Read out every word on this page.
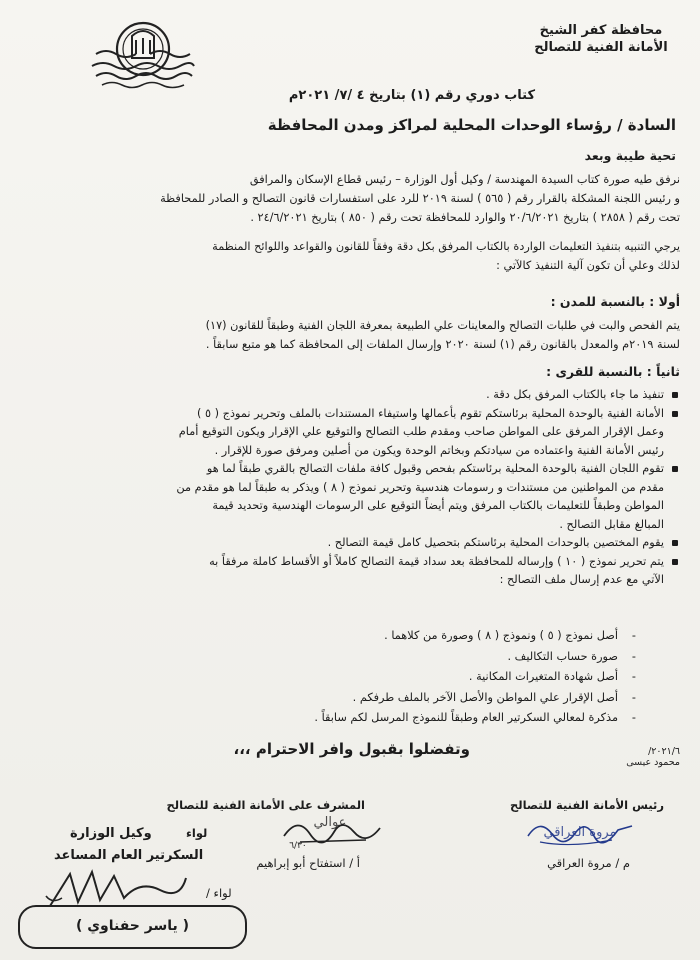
محافظة كفر الشيخ
الأمانة الفنية للتصالح
كتاب دوري رقم (١) بتاريخ ٤ /٧/ ٢٠٢١م
السادة / رؤساء الوحدات المحلية لمراكز ومدن المحافظة
تحية طيبة وبعد
نرفق طيه صورة كتاب السيدة المهندسة / وكيل أول الوزارة – رئيس قطاع الإسكان والمرافق
و رئيس اللجنة المشكلة بالقرار رقم ( ٥٦٥ ) لسنة ٢٠١٩ للرد على استفسارات قانون التصالح و الصادر للمحافظة
تحت رقم ( ٢٨٥٨ ) بتاريخ ٢٠/٦/٢٠٢١ والوارد للمحافظة تحت رقم ( ٨٥٠ ) بتاريخ ٢٤/٦/٢٠٢١ .
يرجي التنبيه بتنفيذ التعليمات الواردة بالكتاب المرفق بكل دقة وفقاً للقانون والقواعد واللوائح المنظمة
لذلك وعلي أن تكون آلية التنفيذ كالآتي :
أولا : بالنسبة للمدن :
يتم الفحص والبت في طلبات التصالح والمعاينات علي الطبيعة بمعرفة اللجان الفنية وطبقاً للقانون (١٧)
لسنة ٢٠١٩م والمعدل بالقانون رقم (١) لسنة ٢٠٢٠ وإرسال الملفات إلى المحافظة كما هو متبع سابقاً .
ثانياً : بالنسبة للقرى :
تنفيذ ما جاء بالكتاب المرفق بكل دقة .
الأمانة الفنية بالوحدة المحلية برئاستكم تقوم بأعمالها واستيفاء المستندات بالملف وتحرير نموذج ( ٥ )
وعمل الإقرار المرفق على المواطن صاحب ومقدم طلب التصالح والتوقيع علي الإقرار ويكون التوقيع أمام
رئيس الأمانة الفنية واعتماده من سيادتكم وبخاتم الوحدة ويكون من أصلين ومرفق صورة للإقرار .
تقوم اللجان الفنية بالوحدة المحلية برئاستكم بفحص وقبول كافة ملفات التصالح بالقري طبقاً لما هو
مقدم من المواطنين من مستندات و رسومات هندسية وتحرير نموذج ( ٨ ) ويذكر به طبقاً لما هو مقدم من
المواطن وطبقاً للتعليمات بالكتاب المرفق ويتم أيضاً التوقيع على الرسومات الهندسية وتحديد قيمة
المبالغ مقابل التصالح .
يقوم المختصين بالوحدات المحلية برئاستكم بتحصيل كامل قيمة التصالح .
يتم تحرير نموذج ( ١٠ ) وإرساله للمحافظة بعد سداد قيمة التصالح كاملاً أو الأقساط كاملة مرفقاً به
الآتي مع عدم إرسال ملف التصالح :
- أصل نموذج ( ٥ ) ونموذج ( ٨ ) وصورة من كلاهما .
- صورة حساب التكاليف .
- أصل شهادة المتغيرات المكانية .
- أصل الإقرار علي المواطن والأصل الآخر بالملف طرفكم .
- مذكرة لمعالي السكرتير العام وطبقاً للنموذج المرسل لكم سابقاً .
وتفضلوا بقبول وافر الاحترام ،،،	٢٠٢١/٦/
محمود عيسى
رئيس الأمانة الفنية للتصالح
مروة العراقي
م / مروة العراقي
المشرف على الأمانة الفنية للتصالح
عوالي
٦/٣٠
أ / استفتاح أبو إبراهيم
لواء
وكيل الوزارة
السكرتير العام المساعد
لواء /
( ياسر حفناوي )
